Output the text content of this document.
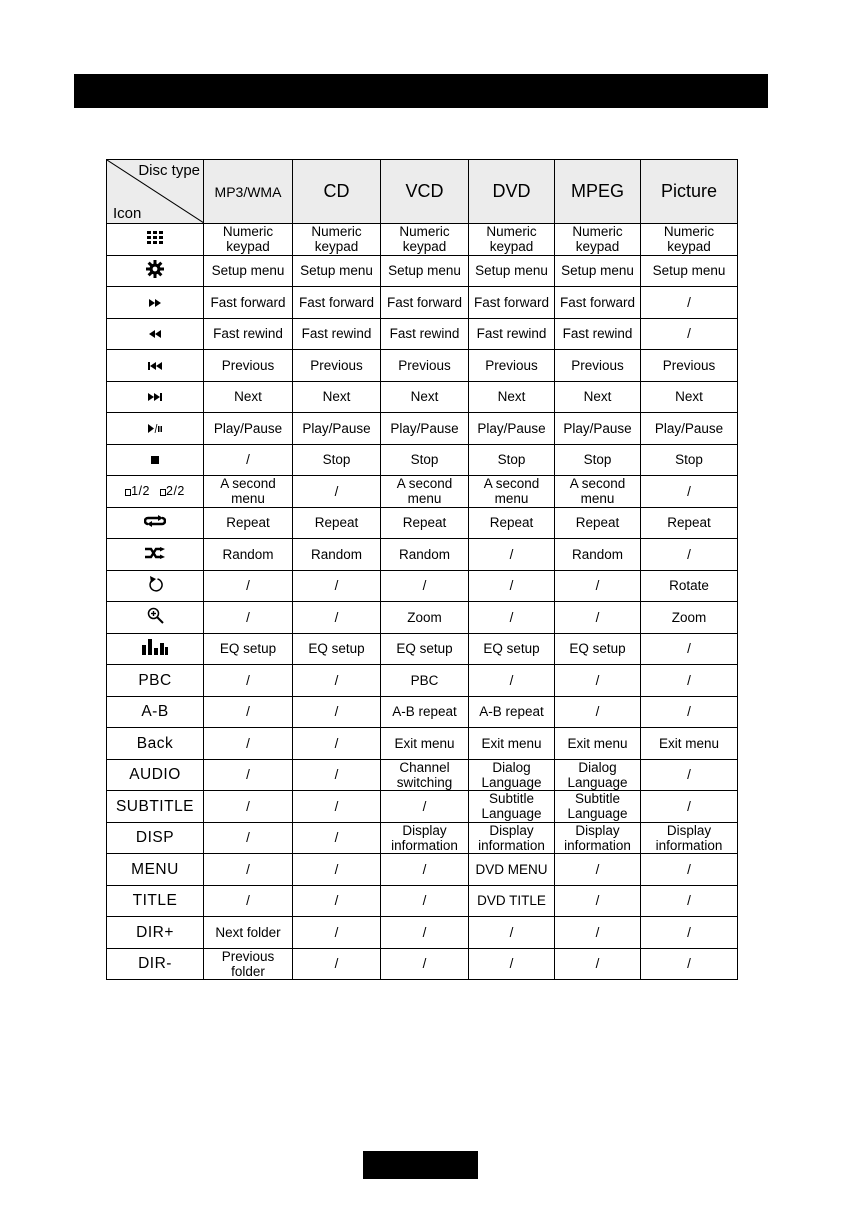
Disc type
Icon	MP3/WMA	CD	VCD	DVD	MPEG	Picture
	Numeric keypad	Numeric keypad	Numeric keypad	Numeric keypad	Numeric keypad	Numeric keypad
	Setup menu	Setup menu	Setup menu	Setup menu	Setup menu	Setup menu
	Fast forward	Fast forward	Fast forward	Fast forward	Fast forward	/
	Fast rewind	Fast rewind	Fast rewind	Fast rewind	Fast rewind	/
	Previous	Previous	Previous	Previous	Previous	Previous
	Next	Next	Next	Next	Next	Next
	Play/Pause	Play/Pause	Play/Pause	Play/Pause	Play/Pause	Play/Pause
	/	Stop	Stop	Stop	Stop	Stop
1/2 2/2	A second menu	/	A second menu	A second menu	A second menu	/
	Repeat	Repeat	Repeat	Repeat	Repeat	Repeat
	Random	Random	Random	/	Random	/
	/	/	/	/	/	Rotate
	/	/	Zoom	/	/	Zoom
	EQ setup	EQ setup	EQ setup	EQ setup	EQ setup	/
PBC	/	/	PBC	/	/	/
A-B	/	/	A-B repeat	A-B repeat	/	/
Back	/	/	Exit menu	Exit menu	Exit menu	Exit menu
AUDIO	/	/	Channel switching	Dialog Language	Dialog Language	/
SUBTITLE	/	/	/	Subtitle Language	Subtitle Language	/
DISP	/	/	Display information	Display information	Display information	Display information
MENU	/	/	/	DVD MENU	/	/
TITLE	/	/	/	DVD TITLE	/	/
DIR+	Next folder	/	/	/	/	/
DIR-	Previous folder	/	/	/	/	/
